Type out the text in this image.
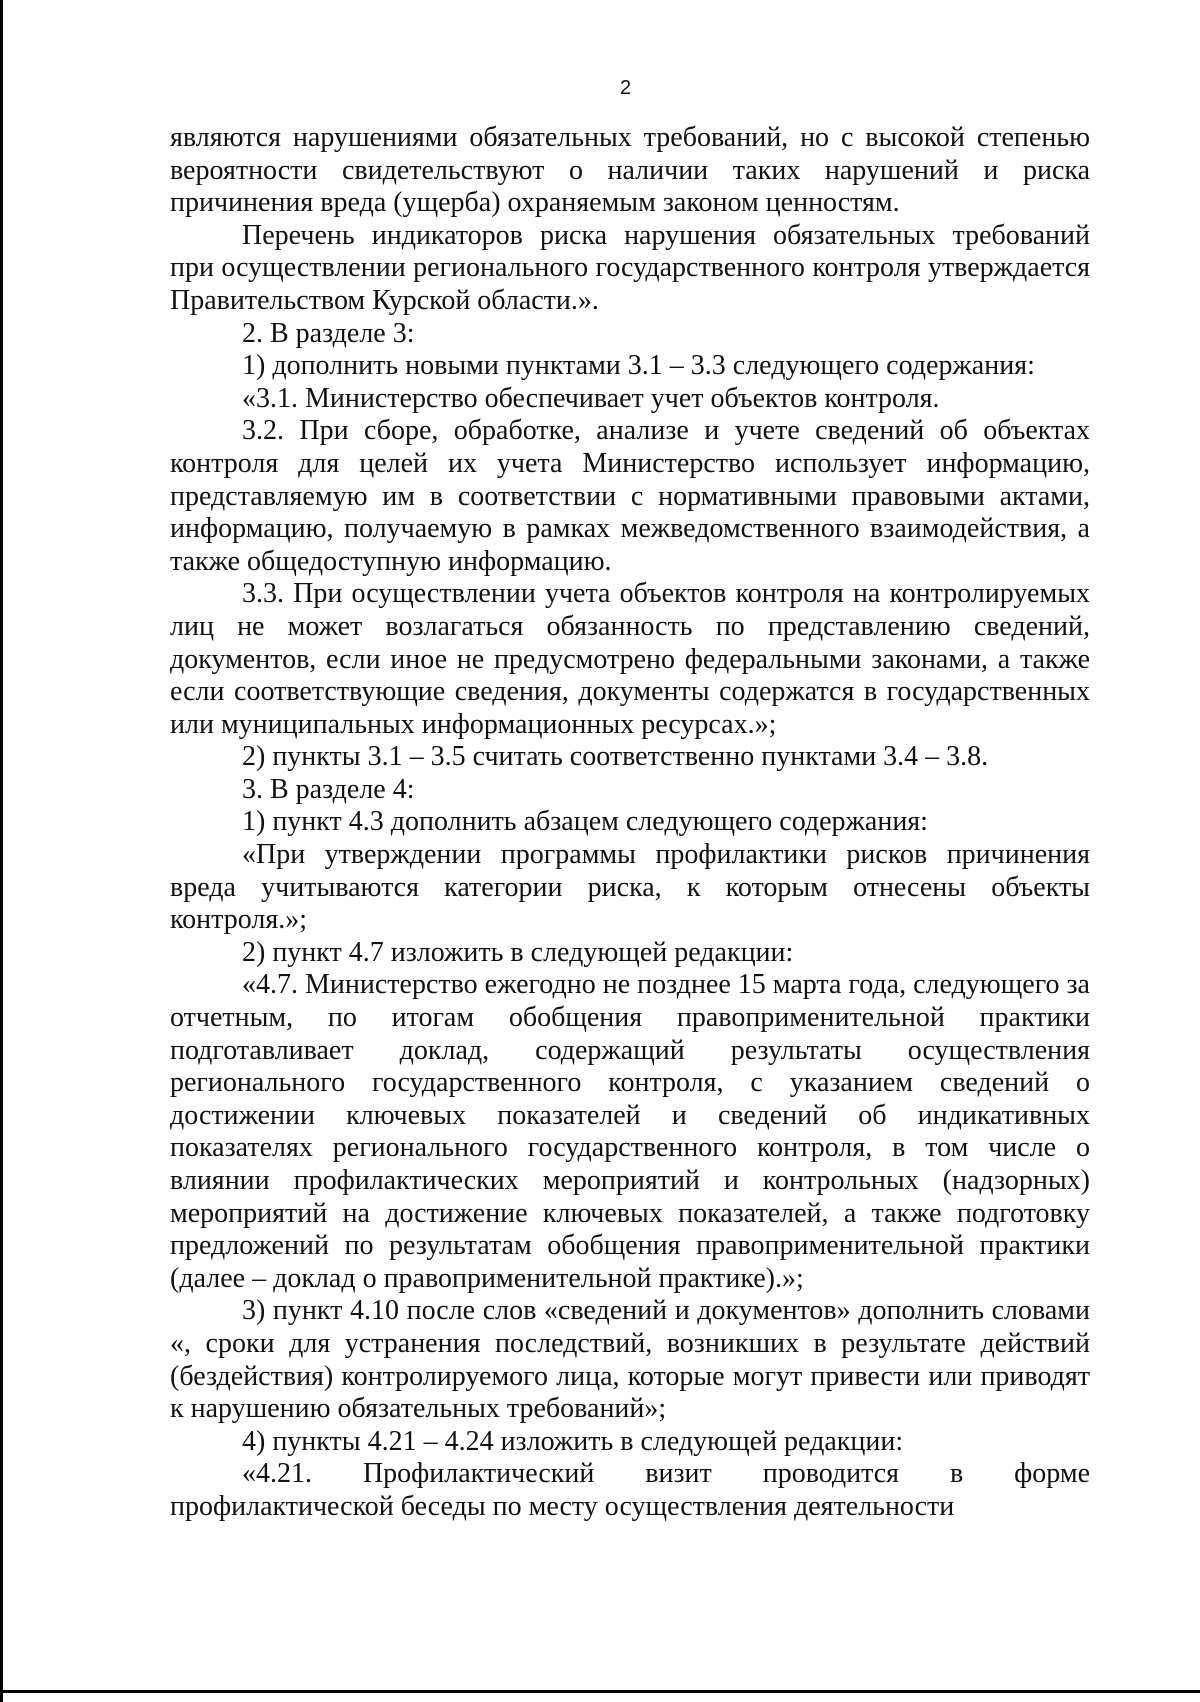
2

являются нарушениями обязательных требований, но с высокой степенью вероятности свидетельствуют о наличии таких нарушений и риска причинения вреда (ущерба) охраняемым законом ценностям.

Перечень индикаторов риска нарушения обязательных требований при осуществлении регионального государственного контроля утверждается Правительством Курской области.».

2. В разделе 3:

1) дополнить новыми пунктами 3.1 – 3.3 следующего содержания:

«3.1. Министерство обеспечивает учет объектов контроля.

3.2. При сборе, обработке, анализе и учете сведений об объектах контроля для целей их учета Министерство использует информацию, представляемую им в соответствии с нормативными правовыми актами, информацию, получаемую в рамках межведомственного взаимодействия, а также общедоступную информацию.

3.3. При осуществлении учета объектов контроля на контролируемых лиц не может возлагаться обязанность по представлению сведений, документов, если иное не предусмотрено федеральными законами, а также если соответствующие сведения, документы содержатся в государственных или муниципальных информационных ресурсах.»;

2) пункты 3.1 – 3.5 считать соответственно пунктами 3.4 – 3.8.

3. В разделе 4:

1) пункт 4.3 дополнить абзацем следующего содержания:

«При утверждении программы профилактики рисков причинения вреда учитываются категории риска, к которым отнесены объекты контроля.»;

2) пункт 4.7 изложить в следующей редакции:

«4.7. Министерство ежегодно не позднее 15 марта года, следующего за отчетным, по итогам обобщения правоприменительной практики подготавливает доклад, содержащий результаты осуществления регионального государственного контроля, с указанием сведений о достижении ключевых показателей и сведений об индикативных показателях регионального государственного контроля, в том числе о влиянии профилактических мероприятий и контрольных (надзорных) мероприятий на достижение ключевых показателей, а также подготовку предложений по результатам обобщения правоприменительной практики (далее – доклад о правоприменительной практике).»;

3) пункт 4.10 после слов «сведений и документов» дополнить словами «, сроки для устранения последствий, возникших в результате действий (бездействия) контролируемого лица, которые могут привести или приводят к нарушению обязательных требований»;

4) пункты 4.21 – 4.24 изложить в следующей редакции:

«4.21. Профилактический визит проводится в форме профилактической беседы по месту осуществления деятельности
